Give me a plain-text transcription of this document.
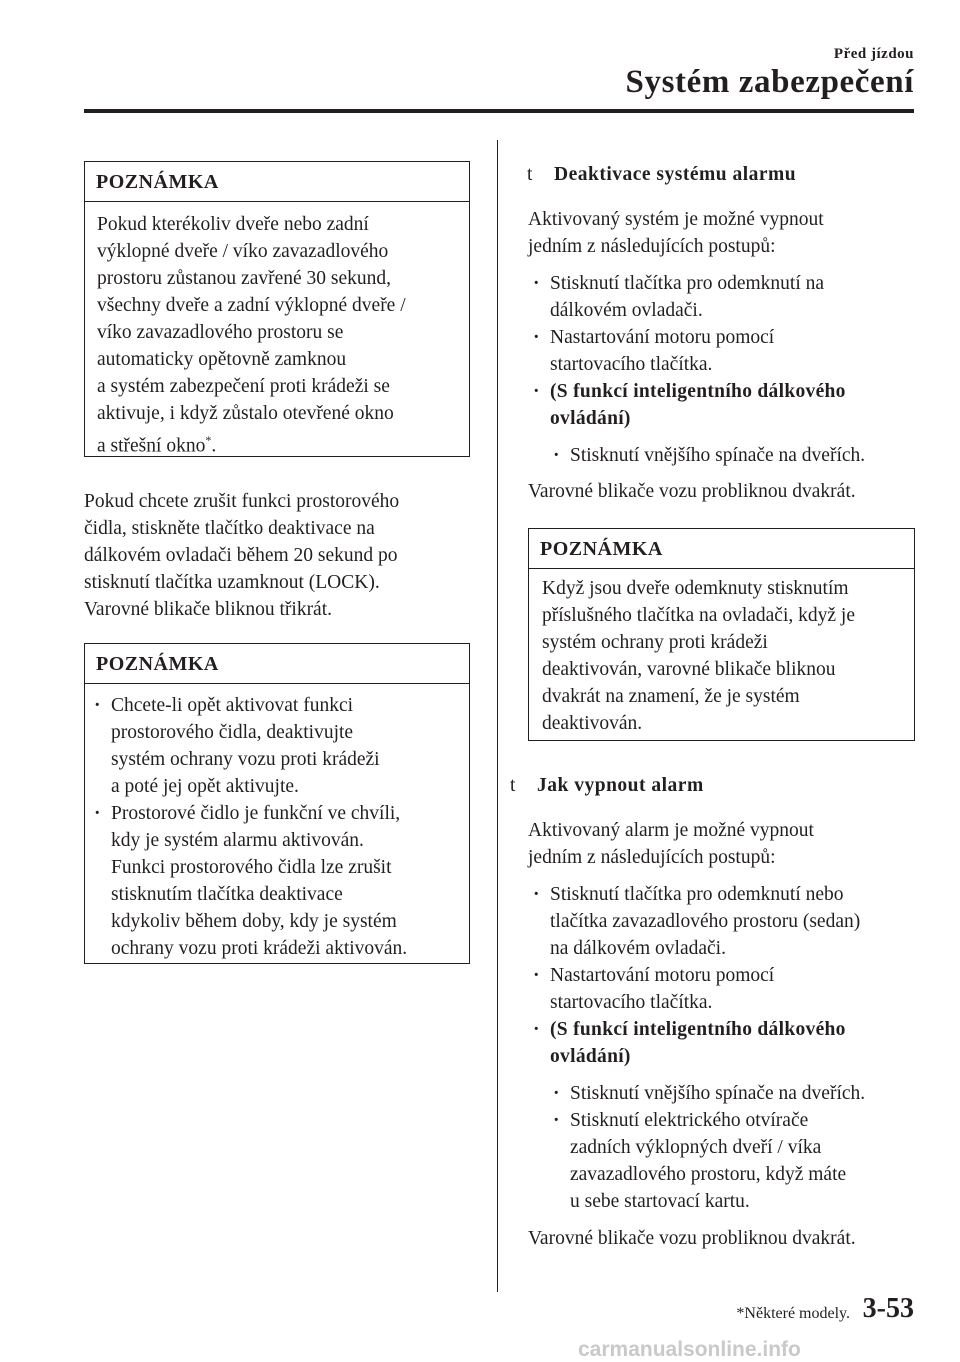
Před jízdou
Systém zabezpečení
POZNÁMKA
Pokud kterékoliv dveře nebo zadní
výklopné dveře / víko zavazadlového
prostoru zůstanou zavřené 30 sekund,
všechny dveře a zadní výklopné dveře /
víko zavazadlového prostoru se
automaticky opětovně zamknou
a systém zabezpečení proti krádeži se
aktivuje, i když zůstalo otevřené okno
a střešní okno*.
Pokud chcete zrušit funkci prostorového
čidla, stiskněte tlačítko deaktivace na
dálkovém ovladači během 20 sekund po
stisknutí tlačítka uzamknout (LOCK).
Varovné blikače bliknou třikrát.
POZNÁMKA
· Chcete-li opět aktivovat funkci
prostorového čidla, deaktivujte
systém ochrany vozu proti krádeži
a poté jej opět aktivujte.
· Prostorové čidlo je funkční ve chvíli,
kdy je systém alarmu aktivován.
Funkci prostorového čidla lze zrušit
stisknutím tlačítka deaktivace
kdykoliv během doby, kdy je systém
ochrany vozu proti krádeži aktivován.
t Deaktivace systému alarmu
Aktivovaný systém je možné vypnout
jedním z následujících postupů:
· Stisknutí tlačítka pro odemknutí na
dálkovém ovladači.
· Nastartování motoru pomocí
startovacího tlačítka.
· (S funkcí inteligentního dálkového
ovládání)
· Stisknutí vnějšího spínače na dveřích.
Varovné blikače vozu probliknou dvakrát.
POZNÁMKA
Když jsou dveře odemknuty stisknutím
příslušného tlačítka na ovladači, když je
systém ochrany proti krádeži
deaktivován, varovné blikače bliknou
dvakrát na znamení, že je systém
deaktivován.
t Jak vypnout alarm
Aktivovaný alarm je možné vypnout
jedním z následujících postupů:
· Stisknutí tlačítka pro odemknutí nebo
tlačítka zavazadlového prostoru (sedan)
na dálkovém ovladači.
· Nastartování motoru pomocí
startovacího tlačítka.
· (S funkcí inteligentního dálkového
ovládání)
· Stisknutí vnějšího spínače na dveřích.
· Stisknutí elektrického otvírače
zadních výklopných dveří / víka
zavazadlového prostoru, když máte
u sebe startovací kartu.
Varovné blikače vozu probliknou dvakrát.
*Některé modely. 3-53
carmanualsonline.info
